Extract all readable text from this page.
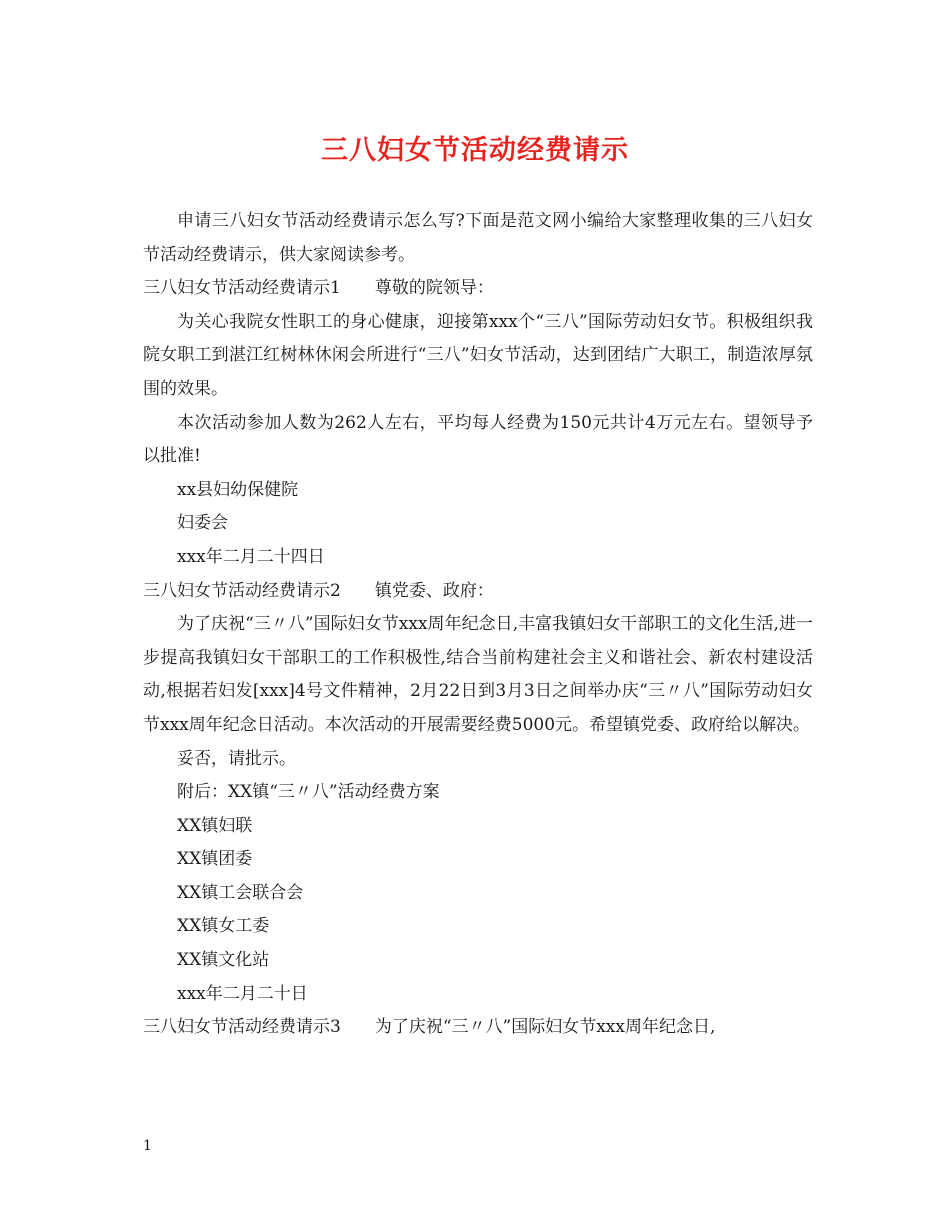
三八妇女节活动经费请示

申请三八妇女节活动经费请示怎么写?下面是范文网小编给大家整理收集的三八妇女节活动经费请示，供大家阅读参考。

三八妇女节活动经费请示1 尊敬的院领导：

为关心我院女性职工的身心健康，迎接第xxx个“三八”国际劳动妇女节。积极组织我院女职工到湛江红树林休闲会所进行“三八”妇女节活动，达到团结广大职工，制造浓厚氛围的效果。

本次活动参加人数为262人左右，平均每人经费为150元共计4万元左右。望领导予以批准!

xx县妇幼保健院

妇委会

xxx年二月二十四日

三八妇女节活动经费请示2 镇党委、政府：

为了庆祝“三〃八”国际妇女节xxx周年纪念日,丰富我镇妇女干部职工的文化生活,进一步提高我镇妇女干部职工的工作积极性,结合当前构建社会主义和谐社会、新农村建设活动,根据若妇发[xxx]4号文件精神，2月22日到3月3日之间举办庆“三〃八”国际劳动妇女节xxx周年纪念日活动。本次活动的开展需要经费5000元。希望镇党委、政府给以解决。

妥否，请批示。

附后：XX镇“三〃八”活动经费方案

XX镇妇联

XX镇团委

XX镇工会联合会

XX镇女工委

XX镇文化站

xxx年二月二十日

三八妇女节活动经费请示3 为了庆祝“三〃八”国际妇女节xxx周年纪念日,

1
